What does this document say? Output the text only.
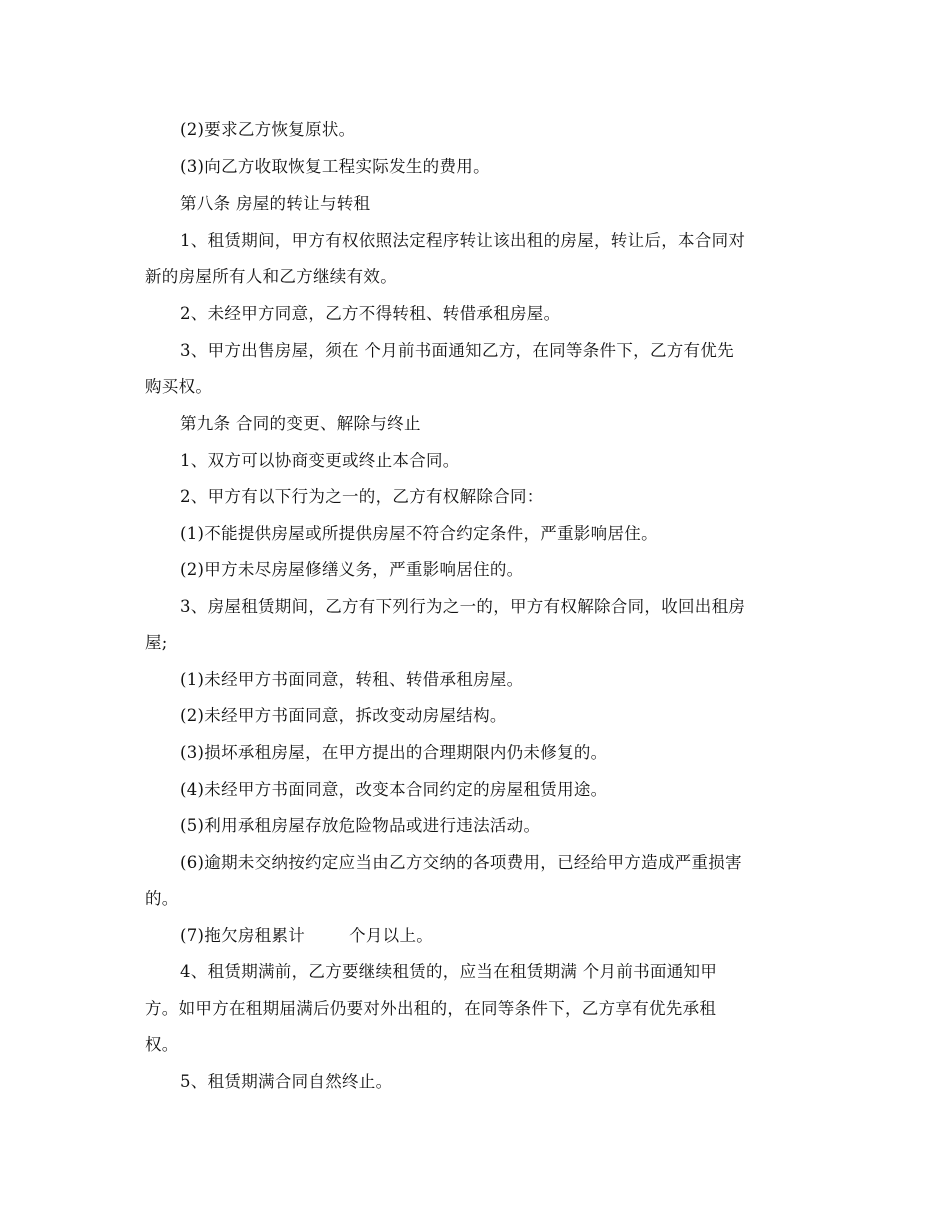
(2)要求乙方恢复原状。
(3)向乙方收取恢复工程实际发生的费用。
第八条 房屋的转让与转租
1、租赁期间，甲方有权依照法定程序转让该出租的房屋，转让后，本合同对
新的房屋所有人和乙方继续有效。
2、未经甲方同意，乙方不得转租、转借承租房屋。
3、甲方出售房屋，须在 个月前书面通知乙方，在同等条件下，乙方有优先
购买权。
第九条 合同的变更、解除与终止
1、双方可以协商变更或终止本合同。
2、甲方有以下行为之一的，乙方有权解除合同：
(1)不能提供房屋或所提供房屋不符合约定条件，严重影响居住。
(2)甲方未尽房屋修缮义务，严重影响居住的。
3、房屋租赁期间，乙方有下列行为之一的，甲方有权解除合同，收回出租房
屋;
(1)未经甲方书面同意，转租、转借承租房屋。
(2)未经甲方书面同意，拆改变动房屋结构。
(3)损坏承租房屋，在甲方提出的合理期限内仍未修复的。
(4)未经甲方书面同意，改变本合同约定的房屋租赁用途。
(5)利用承租房屋存放危险物品或进行违法活动。
(6)逾期未交纳按约定应当由乙方交纳的各项费用，已经给甲方造成严重损害
的。
(7)拖欠房租累计	个月以上。
4、租赁期满前，乙方要继续租赁的，应当在租赁期满 个月前书面通知甲
方。如甲方在租期届满后仍要对外出租的，在同等条件下，乙方享有优先承租
权。
5、租赁期满合同自然终止。
